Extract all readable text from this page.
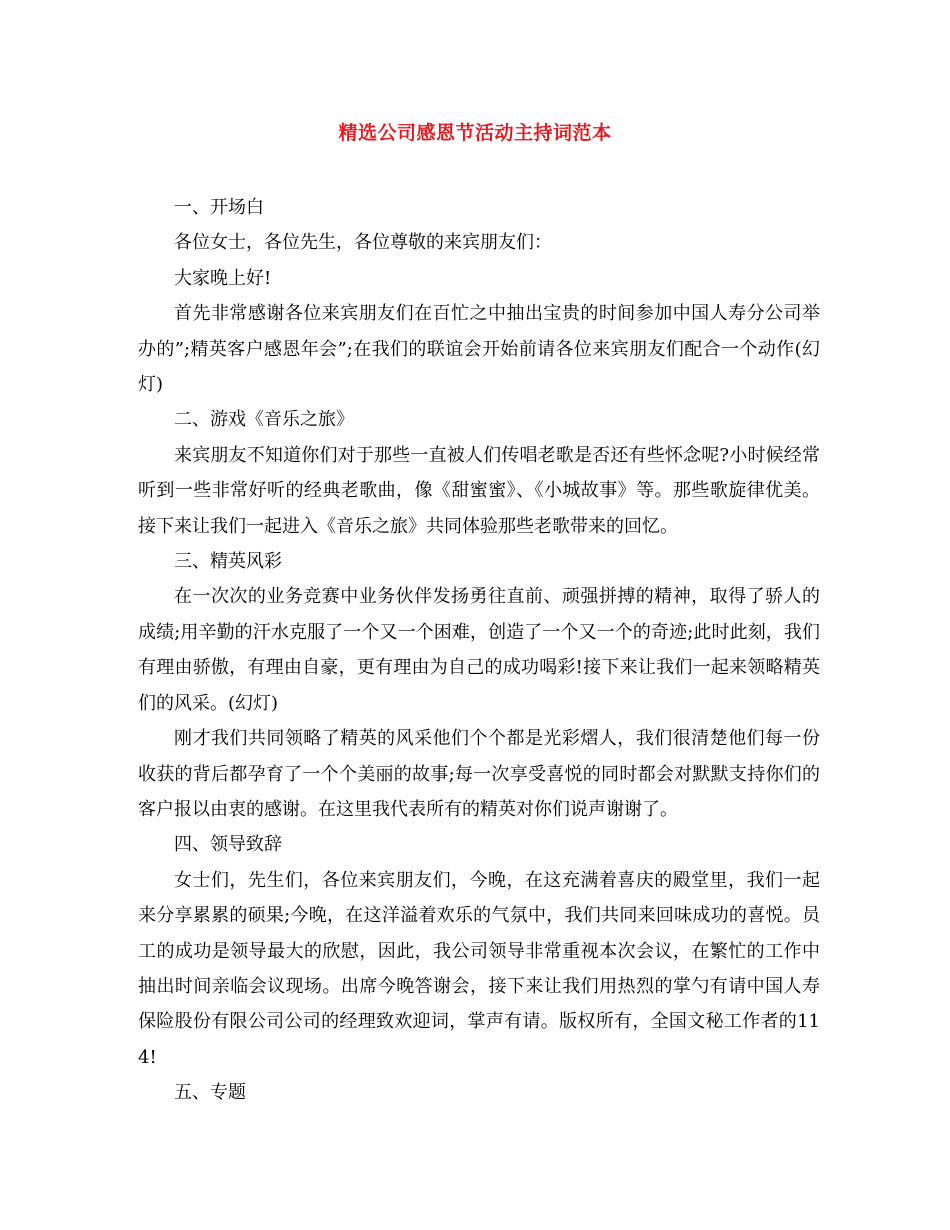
精选公司感恩节活动主持词范本

一、开场白

各位女士，各位先生，各位尊敬的来宾朋友们：

大家晚上好!

首先非常感谢各位来宾朋友们在百忙之中抽出宝贵的时间参加中国人寿分公司举办的”;精英客户感恩年会”;在我们的联谊会开始前请各位来宾朋友们配合一个动作(幻灯)

二、游戏《音乐之旅》

来宾朋友不知道你们对于那些一直被人们传唱老歌是否还有些怀念呢?小时候经常听到一些非常好听的经典老歌曲，像《甜蜜蜜》、《小城故事》等。那些歌旋律优美。接下来让我们一起进入《音乐之旅》共同体验那些老歌带来的回忆。

三、精英风彩

在一次次的业务竞赛中业务伙伴发扬勇往直前、顽强拼搏的精神，取得了骄人的成绩;用辛勤的汗水克服了一个又一个困难，创造了一个又一个的奇迹;此时此刻，我们有理由骄傲，有理由自豪，更有理由为自己的成功喝彩!接下来让我们一起来领略精英们的风采。(幻灯)

刚才我们共同领略了精英的风采他们个个都是光彩熠人，我们很清楚他们每一份收获的背后都孕育了一个个美丽的故事;每一次享受喜悦的同时都会对默默支持你们的客户报以由衷的感谢。在这里我代表所有的精英对你们说声谢谢了。

四、领导致辞

女士们，先生们，各位来宾朋友们，今晚，在这充满着喜庆的殿堂里，我们一起来分享累累的硕果;今晚，在这洋溢着欢乐的气氛中，我们共同来回味成功的喜悦。员工的成功是领导最大的欣慰，因此，我公司领导非常重视本次会议，在繁忙的工作中抽出时间亲临会议现场。出席今晚答谢会，接下来让我们用热烈的掌勺有请中国人寿保险股份有限公司公司的经理致欢迎词，掌声有请。版权所有，全国文秘工作者的114!

五、专题
